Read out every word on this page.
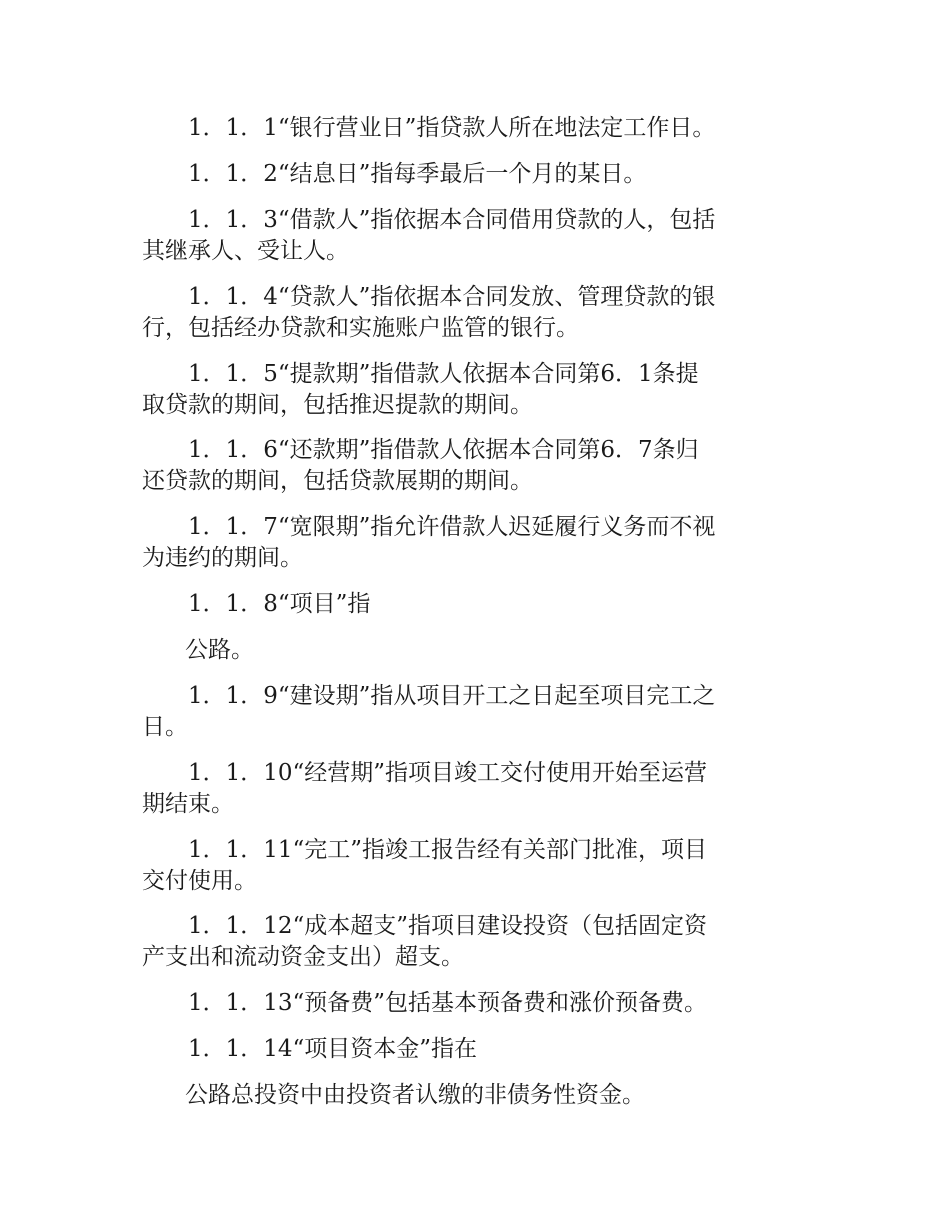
1．1．1“银行营业日”指贷款人所在地法定工作日。
1．1．2“结息日”指每季最后一个月的某日。
1．1．3“借款人”指依据本合同借用贷款的人，包括
其继承人、受让人。
1．1．4“贷款人”指依据本合同发放、管理贷款的银
行，包括经办贷款和实施账户监管的银行。
1．1．5“提款期”指借款人依据本合同第6．1条提
取贷款的期间，包括推迟提款的期间。
1．1．6“还款期”指借款人依据本合同第6．7条归
还贷款的期间，包括贷款展期的期间。
1．1．7“宽限期”指允许借款人迟延履行义务而不视
为违约的期间。
1．1．8“项目”指
公路。
1．1．9“建设期”指从项目开工之日起至项目完工之
日。
1．1．10“经营期”指项目竣工交付使用开始至运营
期结束。
1．1．11“完工”指竣工报告经有关部门批准，项目
交付使用。
1．1．12“成本超支”指项目建设投资（包括固定资
产支出和流动资金支出）超支。
1．1．13“预备费”包括基本预备费和涨价预备费。
1．1．14“项目资本金”指在
公路总投资中由投资者认缴的非债务性资金。
